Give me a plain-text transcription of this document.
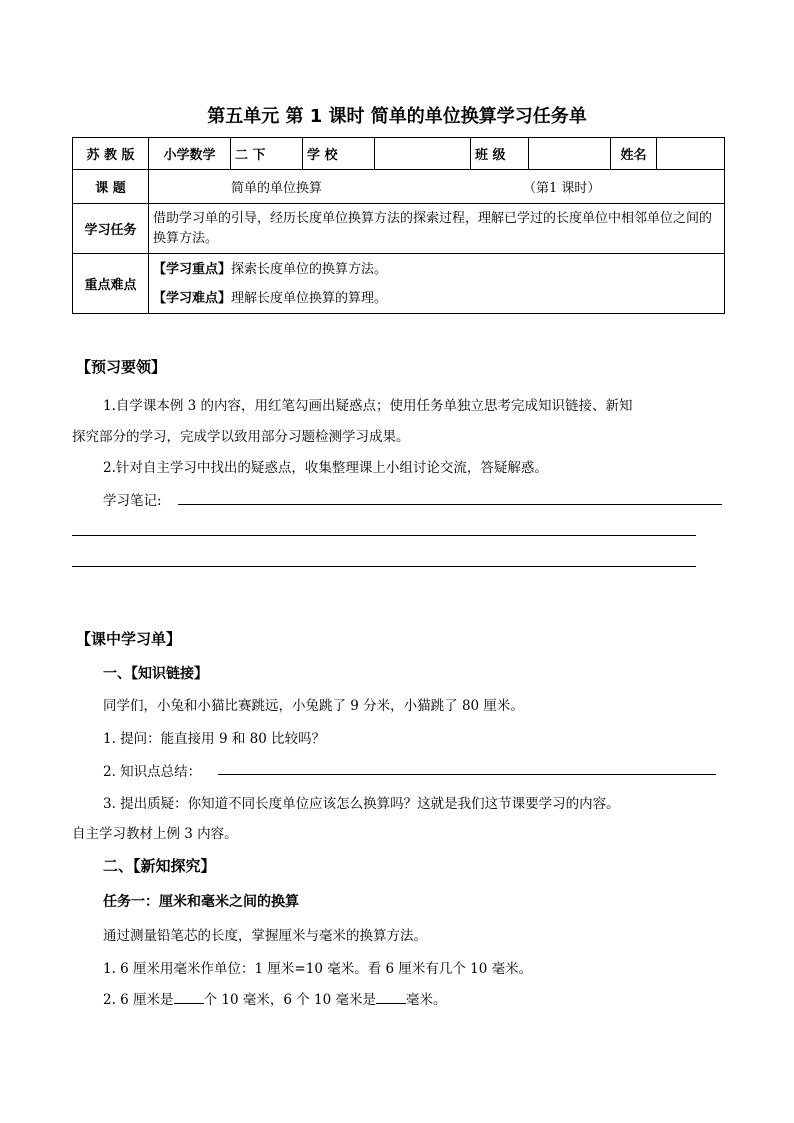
第五单元 第 1 课时 简单的单位换算学习任务单
苏 教 版	小学数学	二 下	学 校		班 级		姓名	
课 题	简单的单位换算 （第1 课时）							
学习任务	借助学习单的引导，经历长度单位换算方法的探索过程，理解已学过的长度单位中相邻单位之间的换算方法。							
重点难点	【学习重点】探索长度单位的换算方法。
【学习难点】理解长度单位换算的算理。							
【预习要领】
1.自学课本例 3 的内容，用红笔勾画出疑惑点；使用任务单独立思考完成知识链接、新知
探究部分的学习，完成学以致用部分习题检测学习成果。
2.针对自主学习中找出的疑惑点，收集整理课上小组讨论交流，答疑解惑。
学习笔记:
【课中学习单】
一、【知识链接】
同学们，小兔和小猫比赛跳远，小兔跳了 9 分米，小猫跳了 80 厘米。
1. 提问：能直接用 9 和 80 比较吗？
2. 知识点总结：
3. 提出质疑：你知道不同长度单位应该怎么换算吗？这就是我们这节课要学习的内容。
自主学习教材上例 3 内容。
二、【新知探究】
任务一：厘米和毫米之间的换算
通过测量铅笔芯的长度，掌握厘米与毫米的换算方法。
1. 6 厘米用毫米作单位：1 厘米=10 毫米。看 6 厘米有几个 10 毫米。
2. 6 厘米是 个 10 毫米，6 个 10 毫米是 毫米。
